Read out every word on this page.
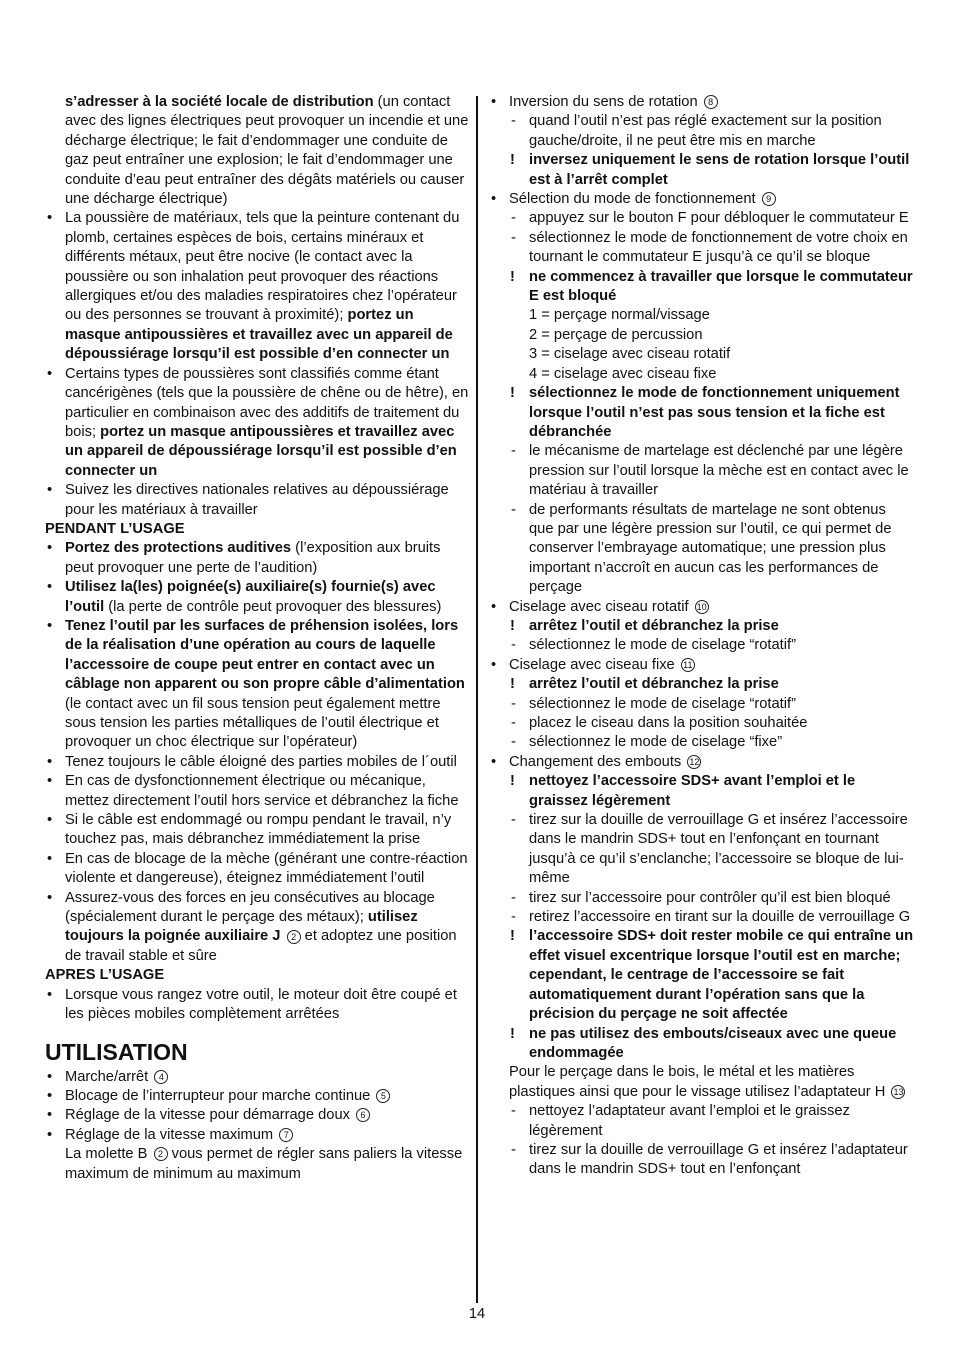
s’adresser à la société locale de distribution (un contact avec des lignes électriques peut provoquer un incendie et une décharge électrique; le fait d’endommager une conduite de gaz peut entraîner une explosion; le fait d’endommager une conduite d’eau peut entraîner des dégâts matériels ou causer une décharge électrique)
• La poussière de matériaux, tels que la peinture contenant du plomb, certaines espèces de bois, certains minéraux et différents métaux, peut être nocive (le contact avec la poussière ou son inhalation peut provoquer des réactions allergiques et/ou des maladies respiratoires chez l’opérateur ou des personnes se trouvant à proximité); portez un masque antipoussières et travaillez avec un appareil de dépoussiérage lorsqu’il est possible d’en connecter un
• Certains types de poussières sont classifiés comme étant cancérigènes (tels que la poussière de chêne ou de hêtre), en particulier en combinaison avec des additifs de traitement du bois; portez un masque antipoussières et travaillez avec un appareil de dépoussiérage lorsqu’il est possible d’en connecter un
• Suivez les directives nationales relatives au dépoussiérage pour les matériaux à travailler
PENDANT L’USAGE
• Portez des protections auditives (l’exposition aux bruits peut provoquer une perte de l’audition)
• Utilisez la(les) poignée(s) auxiliaire(s) fournie(s) avec l’outil (la perte de contrôle peut provoquer des blessures)
• Tenez l’outil par les surfaces de préhension isolées, lors de la réalisation d’une opération au cours de laquelle l’accessoire de coupe peut entrer en contact avec un câblage non apparent ou son propre câble d’alimentation (le contact avec un fil sous tension peut également mettre sous tension les parties métalliques de l’outil électrique et provoquer un choc électrique sur l’opérateur)
• Tenez toujours le câble éloigné des parties mobiles de l´outil
• En cas de dysfonctionnement électrique ou mécanique, mettez directement l’outil hors service et débranchez la fiche
• Si le câble est endommagé ou rompu pendant le travail, n’y touchez pas, mais débranchez immédiatement la prise
• En cas de blocage de la mèche (générant une contre-réaction violente et dangereuse), éteignez immédiatement l’outil
• Assurez-vous des forces en jeu consécutives au blocage (spécialement durant le perçage des métaux); utilisez toujours la poignée auxiliaire J 2 et adoptez une position de travail stable et sûre
APRES L’USAGE
• Lorsque vous rangez votre outil, le moteur doit être coupé et les pièces mobiles complètement arrêtées
UTILISATION
• Marche/arrêt 4
• Blocage de l’interrupteur pour marche continue 5
• Réglage de la vitesse pour démarrage doux 6
• Réglage de la vitesse maximum 7
La molette B 2 vous permet de régler sans paliers la vitesse maximum de minimum au maximum
• Inversion du sens de rotation 8
- quand l’outil n’est pas réglé exactement sur la position gauche/droite, il ne peut être mis en marche
! inversez uniquement le sens de rotation lorsque l’outil est à l’arrêt complet
• Sélection du mode de fonctionnement 9
- appuyez sur le bouton F pour débloquer le commutateur E
- sélectionnez le mode de fonctionnement de votre choix en tournant le commutateur E jusqu’à ce qu’il se bloque
! ne commencez à travailler que lorsque le commutateur E est bloqué
1 = perçage normal/vissage
2 = perçage de percussion
3 = ciselage avec ciseau rotatif
4 = ciselage avec ciseau fixe
! sélectionnez le mode de fonctionnement uniquement lorsque l’outil n’est pas sous tension et la fiche est débranchée
- le mécanisme de martelage est déclenché par une légère pression sur l’outil lorsque la mèche est en contact avec le matériau à travailler
- de performants résultats de martelage ne sont obtenus que par une légère pression sur l’outil, ce qui permet de conserver l’embrayage automatique; une pression plus important n’accroît en aucun cas les performances de perçage
• Ciselage avec ciseau rotatif 10
! arrêtez l’outil et débranchez la prise
- sélectionnez le mode de ciselage “rotatif”
• Ciselage avec ciseau fixe 11
! arrêtez l’outil et débranchez la prise
- sélectionnez le mode de ciselage “rotatif”
- placez le ciseau dans la position souhaitée
- sélectionnez le mode de ciselage “fixe”
• Changement des embouts 12
! nettoyez l’accessoire SDS+ avant l’emploi et le graissez légèrement
- tirez sur la douille de verrouillage G et insérez l’accessoire dans le mandrin SDS+ tout en l’enfonçant en tournant jusqu’à ce qu’il s’enclanche; l’accessoire se bloque de lui-même
- tirez sur l’accessoire pour contrôler qu’il est bien bloqué
- retirez l’accessoire en tirant sur la douille de verrouillage G
! l’accessoire SDS+ doit rester mobile ce qui entraîne un effet visuel excentrique lorsque l’outil est en marche; cependant, le centrage de l’accessoire se fait automatiquement durant l’opération sans que la précision du perçage ne soit affectée
! ne pas utilisez des embouts/ciseaux avec une queue endommagée
Pour le perçage dans le bois, le métal et les matières plastiques ainsi que pour le vissage utilisez l’adaptateur H 13
- nettoyez l’adaptateur avant l’emploi et le graissez légèrement
- tirez sur la douille de verrouillage G et insérez l’adaptateur dans le mandrin SDS+ tout en l’enfonçant
14
